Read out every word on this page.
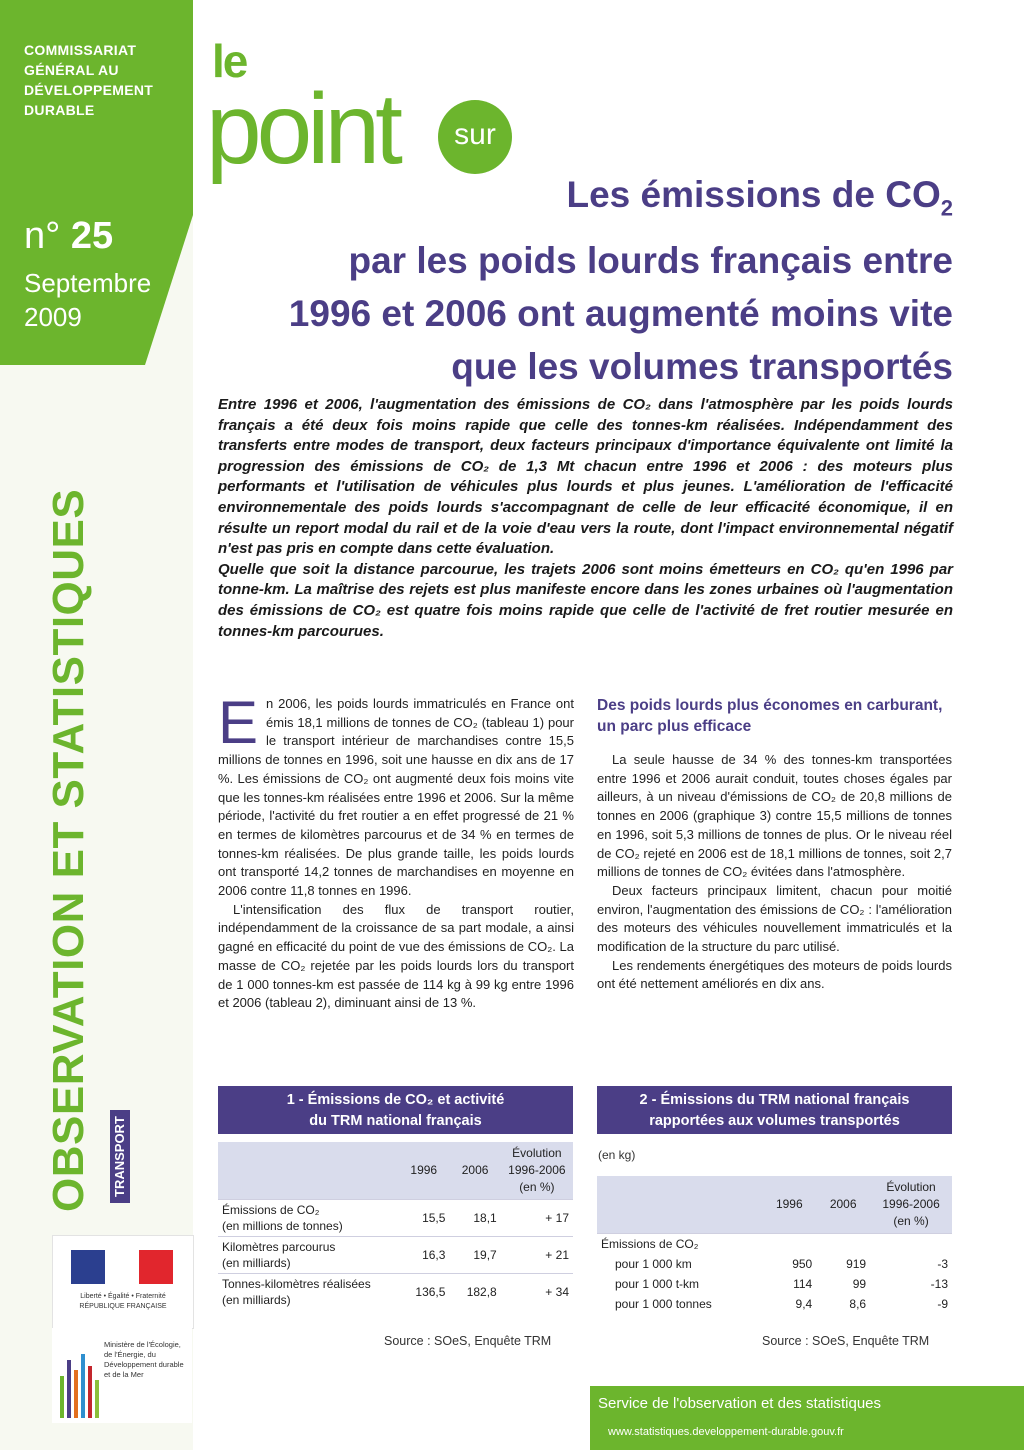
COMMISSARIAT GÉNÉRAL AU DÉVELOPPEMENT DURABLE
n° 25
Septembre 2009
OBSERVATION ET STATISTIQUES TRANSPORT
Liberté • Égalité • Fraternité RÉPUBLIQUE FRANÇAISE
Ministère de l'Écologie, de l'Énergie, du Développement durable et de la Mer
le
point	sur
Les émissions de $CO_2$
par les poids lourds français entre
1996 et 2006 ont augmenté moins vite
que les volumes transportés

Entre 1996 et 2006, l'augmentation des émissions de CO₂ dans l'atmosphère par les poids lourds français a été deux fois moins rapide que celle des tonnes-km réalisées. Indépendamment des transferts entre modes de transport, deux facteurs principaux d'importance équivalente ont limité la progression des émissions de CO₂ de 1,3 Mt chacun entre 1996 et 2006 : des moteurs plus performants et l'utilisation de véhicules plus lourds et plus jeunes. L'amélioration de l'efficacité environnementale des poids lourds s'accompagnant de celle de leur efficacité économique, il en résulte un report modal du rail et de la voie d'eau vers la route, dont l'impact environnemental négatif n'est pas pris en compte dans cette évaluation.

Quelle que soit la distance parcourue, les trajets 2006 sont moins émetteurs en CO₂ qu'en 1996 par tonne-km. La maîtrise des rejets est plus manifeste encore dans les zones urbaines où l'augmentation des émissions de CO₂ est quatre fois moins rapide que celle de l'activité de fret routier mesurée en tonnes-km parcourues.

En 2006, les poids lourds immatriculés en France ont émis 18,1 millions de tonnes de CO₂ (tableau 1) pour le transport intérieur de marchandises contre 15,5 millions de tonnes en 1996, soit une hausse en dix ans de 17 %. Les émissions de CO₂ ont augmenté deux fois moins vite que les tonnes-km réalisées entre 1996 et 2006. Sur la même période, l'activité du fret routier a en effet progressé de 21 % en termes de kilomètres parcourus et de 34 % en termes de tonnes-km réalisées. De plus grande taille, les poids lourds ont transporté 14,2 tonnes de marchandises en moyenne en 2006 contre 11,8 tonnes en 1996.

L'intensification des flux de transport routier, indépendamment de la croissance de sa part modale, a ainsi gagné en efficacité du point de vue des émissions de CO₂. La masse de CO₂ rejetée par les poids lourds lors du transport de 1 000 tonnes-km est passée de 114 kg à 99 kg entre 1996 et 2006 (tableau 2), diminuant ainsi de 13 %.

Des poids lourds plus économes en carburant, un parc plus efficace

La seule hausse de 34 % des tonnes-km transportées entre 1996 et 2006 aurait conduit, toutes choses égales par ailleurs, à un niveau d'émissions de CO₂ de 20,8 millions de tonnes en 2006 (graphique 3) contre 15,5 millions de tonnes en 1996, soit 5,3 millions de tonnes de plus. Or le niveau réel de CO₂ rejeté en 2006 est de 18,1 millions de tonnes, soit 2,7 millions de tonnes de CO₂ évitées dans l'atmosphère.

Deux facteurs principaux limitent, chacun pour moitié environ, l'augmentation des émissions de CO₂ : l'amélioration des moteurs des véhicules nouvellement immatriculés et la modification de la structure du parc utilisé.

Les rendements énergétiques des moteurs de poids lourds ont été nettement améliorés en dix ans.

1 - Émissions de CO₂ et activité
du TRM national français
	1996	2006	Évolution 1996-2006 (en %)

Émissions de CO₂
(en millions de tonnes)	15,5	18,1	+ 17

Kilomètres parcourus
(en milliards)	16,3	19,7	+ 21

Tonnes-kilomètres réalisées
(en milliards)	136,5	182,8	+ 34
Source : SOeS, Enquête TRM
2 - Émissions du TRM national français
rapportées aux volumes transportés
(en kg)
	1996	2006	Évolution 1996-2006 (en %)
Émissions de CO₂			
pour 1 000 km	950	919	-3
pour 1 000 t-km	114	99	-13
pour 1 000 tonnes	9,4	8,6	-9
Source : SOeS, Enquête TRM
Service de l'observation et des statistiques
www.statistiques.developpement-durable.gouv.fr
